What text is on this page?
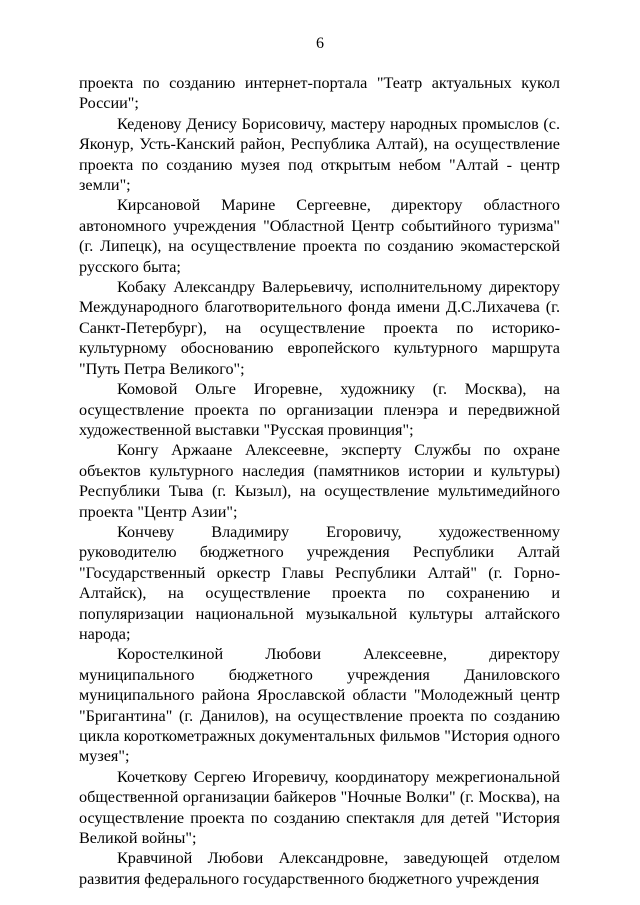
6

проекта по созданию интернет-портала "Театр актуальных кукол России";

Кеденову Денису Борисовичу, мастеру народных промыслов (с. Яконур, Усть-Канский район, Республика Алтай), на осуществление проекта по созданию музея под открытым небом "Алтай - центр земли";

Кирсановой Марине Сергеевне, директору областного автономного учреждения "Областной Центр событийного туризма" (г. Липецк), на осуществление проекта по созданию экомастерской русского быта;

Кобаку Александру Валерьевичу, исполнительному директору Международного благотворительного фонда имени Д.С.Лихачева (г. Санкт-Петербург), на осуществление проекта по историко-культурному обоснованию европейского культурного маршрута "Путь Петра Великого";

Комовой Ольге Игоревне, художнику (г. Москва), на осуществление проекта по организации пленэра и передвижной художественной выставки "Русская провинция";

Конгу Аржаане Алексеевне, эксперту Службы по охране объектов культурного наследия (памятников истории и культуры) Республики Тыва (г. Кызыл), на осуществление мультимедийного проекта "Центр Азии";

Кончеву Владимиру Егоровичу, художественному руководителю бюджетного учреждения Республики Алтай "Государственный оркестр Главы Республики Алтай" (г. Горно-Алтайск), на осуществление проекта по сохранению и популяризации национальной музыкальной культуры алтайского народа;

Коростелкиной Любови Алексеевне, директору муниципального бюджетного учреждения Даниловского муниципального района Ярославской области "Молодежный центр "Бригантина" (г. Данилов), на осуществление проекта по созданию цикла короткометражных документальных фильмов "История одного музея";

Кочеткову Сергею Игоревичу, координатору межрегиональной общественной организации байкеров "Ночные Волки" (г. Москва), на осуществление проекта по созданию спектакля для детей "История Великой войны";

Кравчиной Любови Александровне, заведующей отделом развития федерального государственного бюджетного учреждения
